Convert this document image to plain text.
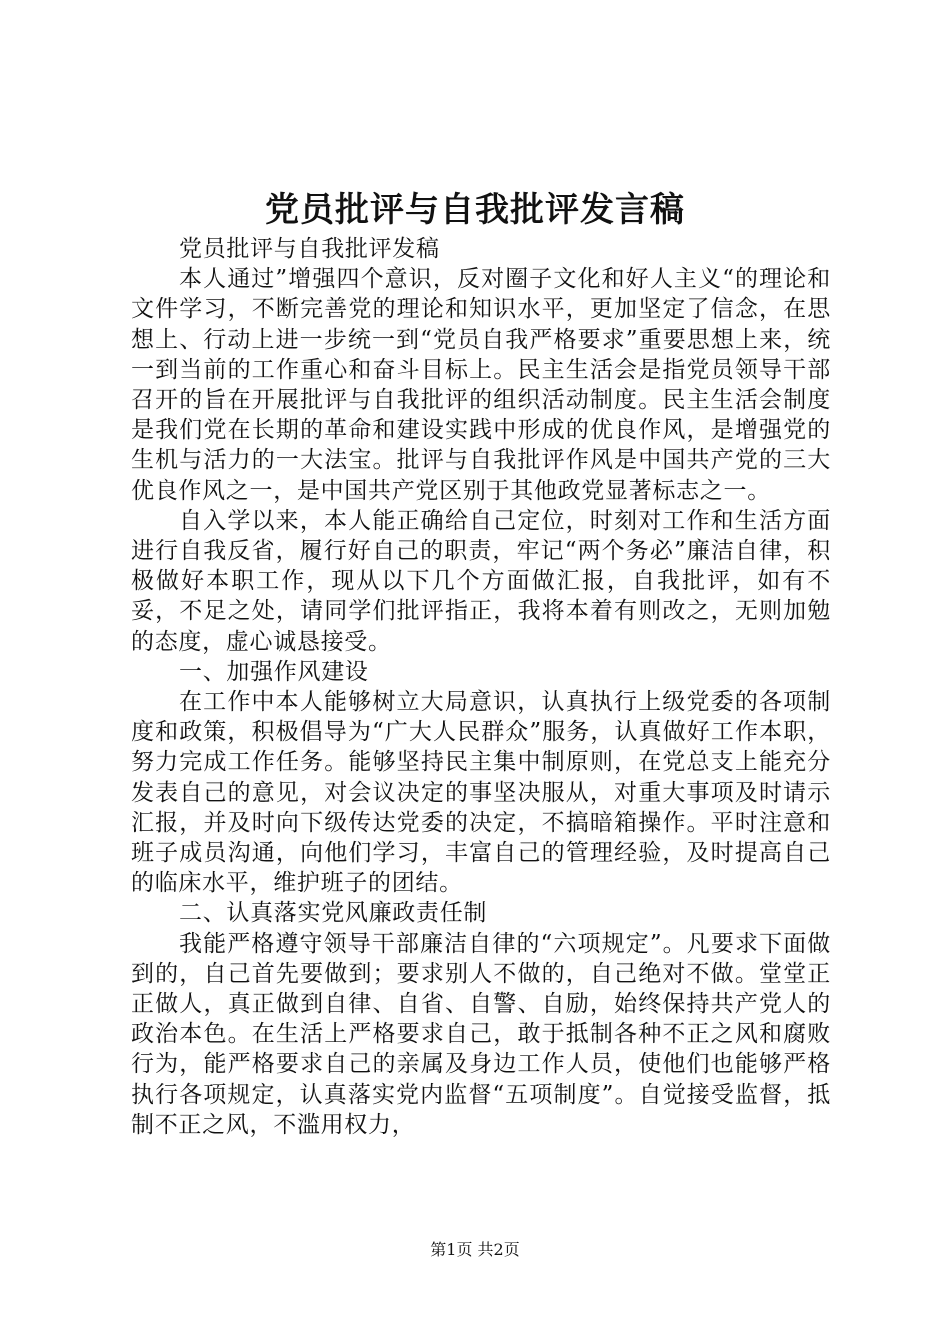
党员批评与自我批评发言稿

党员批评与自我批评发稿

本人通过”增强四个意识，反对圈子文化和好人主义“的理论和文件学习，不断完善党的理论和知识水平，更加坚定了信念，在思想上、行动上进一步统一到“党员自我严格要求”重要思想上来，统一到当前的工作重心和奋斗目标上。民主生活会是指党员领导干部召开的旨在开展批评与自我批评的组织活动制度。民主生活会制度是我们党在长期的革命和建设实践中形成的优良作风，是增强党的生机与活力的一大法宝。批评与自我批评作风是中国共产党的三大优良作风之一，是中国共产党区别于其他政党显著标志之一。

自入学以来，本人能正确给自己定位，时刻对工作和生活方面进行自我反省，履行好自己的职责，牢记“两个务必”廉洁自律，积极做好本职工作，现从以下几个方面做汇报，自我批评，如有不妥，不足之处，请同学们批评指正，我将本着有则改之，无则加勉的态度，虚心诚恳接受。

一、加强作风建设

在工作中本人能够树立大局意识，认真执行上级党委的各项制度和政策，积极倡导为“广大人民群众”服务，认真做好工作本职，努力完成工作任务。能够坚持民主集中制原则，在党总支上能充分发表自己的意见，对会议决定的事坚决服从，对重大事项及时请示汇报，并及时向下级传达党委的决定，不搞暗箱操作。平时注意和班子成员沟通，向他们学习，丰富自己的管理经验，及时提高自己的临床水平，维护班子的团结。

二、认真落实党风廉政责任制

我能严格遵守领导干部廉洁自律的“六项规定”。凡要求下面做到的，自己首先要做到；要求别人不做的，自己绝对不做。堂堂正正做人，真正做到自律、自省、自警、自励，始终保持共产党人的政治本色。在生活上严格要求自己，敢于抵制各种不正之风和腐败行为，能严格要求自己的亲属及身边工作人员，使他们也能够严格执行各项规定，认真落实党内监督“五项制度”。自觉接受监督，抵制不正之风，不滥用权力，

第1页 共2页
